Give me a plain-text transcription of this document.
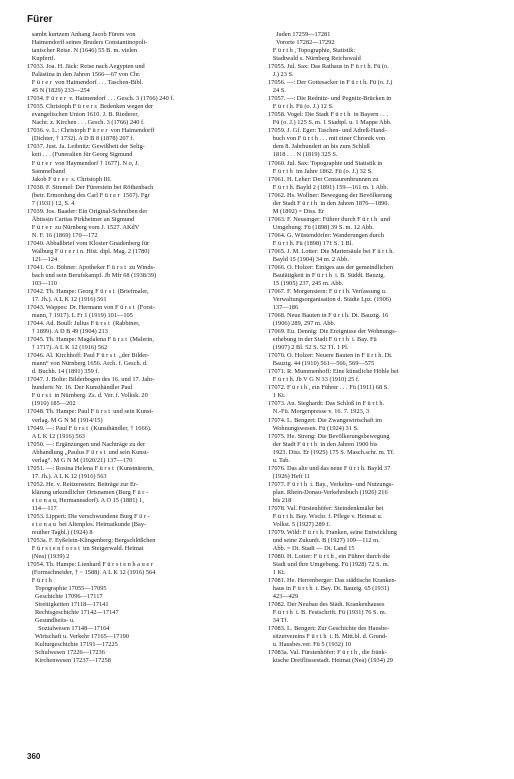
Fürer
sambt kurtzem Anhang Jacob Fürers von
Haimendorff seines Bruders Constantinopoli-
tanischer Reise. N (1646) 55 B. m. vielen
Kupfertf.
17033. Joa. H. Jäck: Reise nach Aegypten und
Palästina in den Jahren 1566—67 von Chr.
F ü r e r  von Haimendorf . . . Taschen-Bibl.
45 N (1829) 233—254
17034. F ü r e r  v. Haimendorf . . . Gesch. 3 (1766) 240 f.
17035. Christoph F ü r e r s  Bedenken wegen der
evangelischen Union 1610. J. B. Riederer,
Nachr. z. Kirchen . . . Gesch. 3 (1766) 240 f.
17036. v. L.: Christoph F ü r e r  von Haimendorff
(Dichter, † 1732). A D B 8 (1878) 207 f.
17037. Just. Ja. Leibnitz: Gewißheit der Selig-
keit . . . (Funeralien für Georg Sigmund
F ü r e r  von Haymendorf † 1677). N o, J.
Sammelband
Jakob F ü r e r  s. Christoph III.
17038. F. Stremel: Der Fürerstein bei Röthenbach
(betr. Ermordung des Carl F ü r e r  1567). Fgr
7 (1931) 12, S. 4
17039. Jos. Baader: Ein Original-Schreiben der
Äbtissin Caritas Pirkheimer an Sigmund
F ü r e r  zu Nürnberg vom J. 1527. AKdV
N. F. 16 (1869) 170—172
17040. Abbaßbrief vom Kloster Gnadenberg für
Walburg F ü r e r i n. Hist. dipl. Mag. 2 (1780)
121—124
17041. Co. Böhner: Apotheker F ü r s t  zu Winds-
bach und sein Berufskampf. Jb Mfr 68 (1938/39)
103—110
17042. Th. Hampe: Georg F ü r s t  (Briefmaler,
17. Jh.). A L K 12 (1916) 561
17043. Wappes: Dr. Hermann von F ü r s t  (Forst-
mann, † 1917). L Fr 1 (1919) 101—105
17044. Ad. Boull: Julius F ü r s t  (Rabbiner,
† 1899). A D B 49 (1904) 213
17045. Th. Hampe: Magdalena F ü r s t  (Malerin,
† 1717). A L K 12 (1916) 562
17046. Al. Kirchhoff: Paul F ü r s t  „der Bilder-
mann“ von Nürnberg 1656. Arch. f. Gesch. d.
d. Buchh. 14 (1891) 359 f.
17047. J. Bolte: Bilderbogen des 16. und 17. Jahr-
hunderts Nr. 16. Der Kunsthändler Paul
F ü r s t  in Nürnberg. Zs. d. Ver. f. Volksk. 20
(1910) 185—202
17048. Th. Hampe: Paul F ü r s t  und sein Kunst-
verlag. M G N M (1914/15)
17049. —: Paul F ü r s t  (Kunsthändler, † 1666).
A L K 12 (1916) 563
17050. —: Ergänzungen und Nachträge zu der
Abhandlung „Paulus F ü r s t  und sein Kunst-
verlag“. M G N M (1920/21) 137—170
17051. —: Rosina Helena F ü r s t  (Kunstnärerin,
17. Jh.). A L K 12 (1916) 563
17052. He. v. Reitzenstein: Beiträge zur Er-
klärung urkundlicher Ortsnamen (Burg F ü r -
s t e n a u, Hermannsdorf). A O 15 (1881) 1,
114—117
17053. Lippert: Die verschwundene Burg F ü r -
s t e n a u  bei Altenplos. Heimatkunde (Bay-
reuther Tagbl.) (1924) 8
17053a. F. Eyßelein-Klingenberg: Bergschlößchen
F ü r s t e n f o r s t  im Steigerwald. Heimat
(Nea) (1939) 2
17054. Th. Hampe: Lienhard F ü r s t e n h a u e r
(Formschneider, † ~ 1588). A L K 12 (1916) 564
F ü r t h
Topographie 17055—17095
Geschichte 17096—17117
Streitigkeiten 17118—17141
Rechtsgeschichte 17142—17147
Gesundheits- u.
Sozialwesen 17148—17164
Wirtschaft u. Verkehr 17165—17190
Kulturgeschichte 17191—17225
Schulwesen 17226—17236
Kirchenwesen 17237—17258
Juden 17259—17281
Vororte 17282—17292
F ü r t h , Topographie, Statistik:
Stadtwald s. Nürnberg Reichswald
17055. Jul. Sax: Das Rathaus in F ü r t h. Fü (o.
J.) 23 S.
17056. —: Der Gottesacker in F ü r t h. Fü (o. J.)
24 S.
17057. —: Die Rednitz- und Pegnitz-Brücken in
F ü r t h. Fü (o. J.) 12 S.
17058. Vogel: Die Stadt F ü r t h  in Bayern . . .
Fü (o. J.) 125 S. m. 1 Stadtpl. u. 1 Mappe Abb.
17059. J. Gf. Eger: Taschen- und Adreß-Hand-
buch von F ü r t h . . . mit einer Chronik von
dem 8. Jahrhundert an bis zum Schluß
1818 . . . N (1819) 325 S.
17060. Jul. Sax: Topographie und Statistik in
F ü r t h  im Jahre 1862. Fü (o. J.) 32 S.
17061. H. Leher: Der Centaurenbrunnen zu
F ü r t h. Bayld 2 (1891) 159—161 m. 1 Abb.
17062. Hs. Wollner: Bewegung der Bevölkerung
der Stadt F ü r t h  in den Jahren 1876—1890.
M (1892) = Diss. Er
17063. F. Neusinger: Führer durch F ü r t h  und
Umgebung. Fü (1898) 39 S. m. 12 Abb.
17064. G. Wüstendörfer: Wanderungen durch
F ü r t h. Fü (1898) 171 S. 1 Bl.
17065. J. M. Lotter: Die Martersäule bei F ü r t h.
Bayld 15 (1904) 34 m. 2 Abb.
17066. O. Holzer: Einiges aus der gemeindlichen
Bautätigkeit in F ü r t h  i. B. Süddt. Bauztg.
15 (1905) 237, 245 m. Abb.
17067. F. Morgenstern: F ü r t h. Verfassung u.
Verwaltungsorganisation d. Städte Lpz. (1906)
137—186
17068. Neue Bauten in F ü r t h. Dt. Bauztg. 16
(1906) 289, 297 m. Abb.
17069. Eu. Dennig: Die Ereignisse der Wohnungs-
erhebung in der Stadt F ü r t h  i. Bay. Fü
(1907) 2 Bl. 52 S. 52 Tf. 1 Pl.
17070. O. Holzer: Neuere Bauten in F ü r t h. Dt.
Bauztg. 44 (1910) 561—566, 569—575
17071. R. Mummenhoff: Eine künstliche Höhle bei
F ü r t h. Jb V G N 33 (1910) 25 f.
17072. F ü r t h , ein Führer . . . Fü (1911) 68 S.
1 Kt.
17073. Au. Sieghardt: Das Schloß in F ü r t h.
N.-Fü. Morgenpresse v. 16. 7. 1923, 3
17074. L. Bengert: Die Zwangswirtschaft im
Wohnungswesen. Fü (1924) 31 S.
17075. He. Streng: Die Bevölkerungsbewegung
der Stadt F ü r t h  in den Jahren 1900 bis
1923. Diss. Er (1925) 175 S. Masch.schr. m. Tf.
u. Tab.
17076. Das alte und das neue F ü r t h. Bayld 37
(1926) Heft 11
17077. F ü r t h  i. Bay., Verkehrs- und Nutzungs-
plan. Rhein-Donau-Verkehrsbuch (1926) 216
bis 218
17078. Val. Fürstenhöfer: Steindenkmäler bei
F ü r t h. Bay. Wschr. f. Pflege v. Heimat u.
Volkst. 5 (1927) 289 f.
17079. Wild: F ü r t h. Franken, seine Entwicklung
und seine Zukunft. B (1927) 109—112 m.
Abb. = Dt. Stadt — Dt. Land 15
17080. H. Lotter: F ü r t h , ein Führer durch die
Stadt und ihre Umgebung. Fü (1928) 72 S. m.
1 Kt.
17081. He. Herrenberger: Das städtische Kranken-
haus in F ü r t h  i. Bay. Dt. Bauztg. 65 (1931)
423—429
17082. Der Neubau des Städt. Krankenhauses
F ü r t h  i. B. Festschrift. Fü (1931) 76 S. m.
34 Tf.
17083. L. Bengert: Zur Geschichte des Hausbe-
sitzervereins F ü r t h  i. B. Mitt.bl. d. Grund-
u. Hausbes.ver. Fü 5 (1932) 10
17083a. Val. Fürstenhöfer: F ü r t h , die fränk-
kische Dreiflüssestadt. Heimat (Nea) (1934) 29
360
